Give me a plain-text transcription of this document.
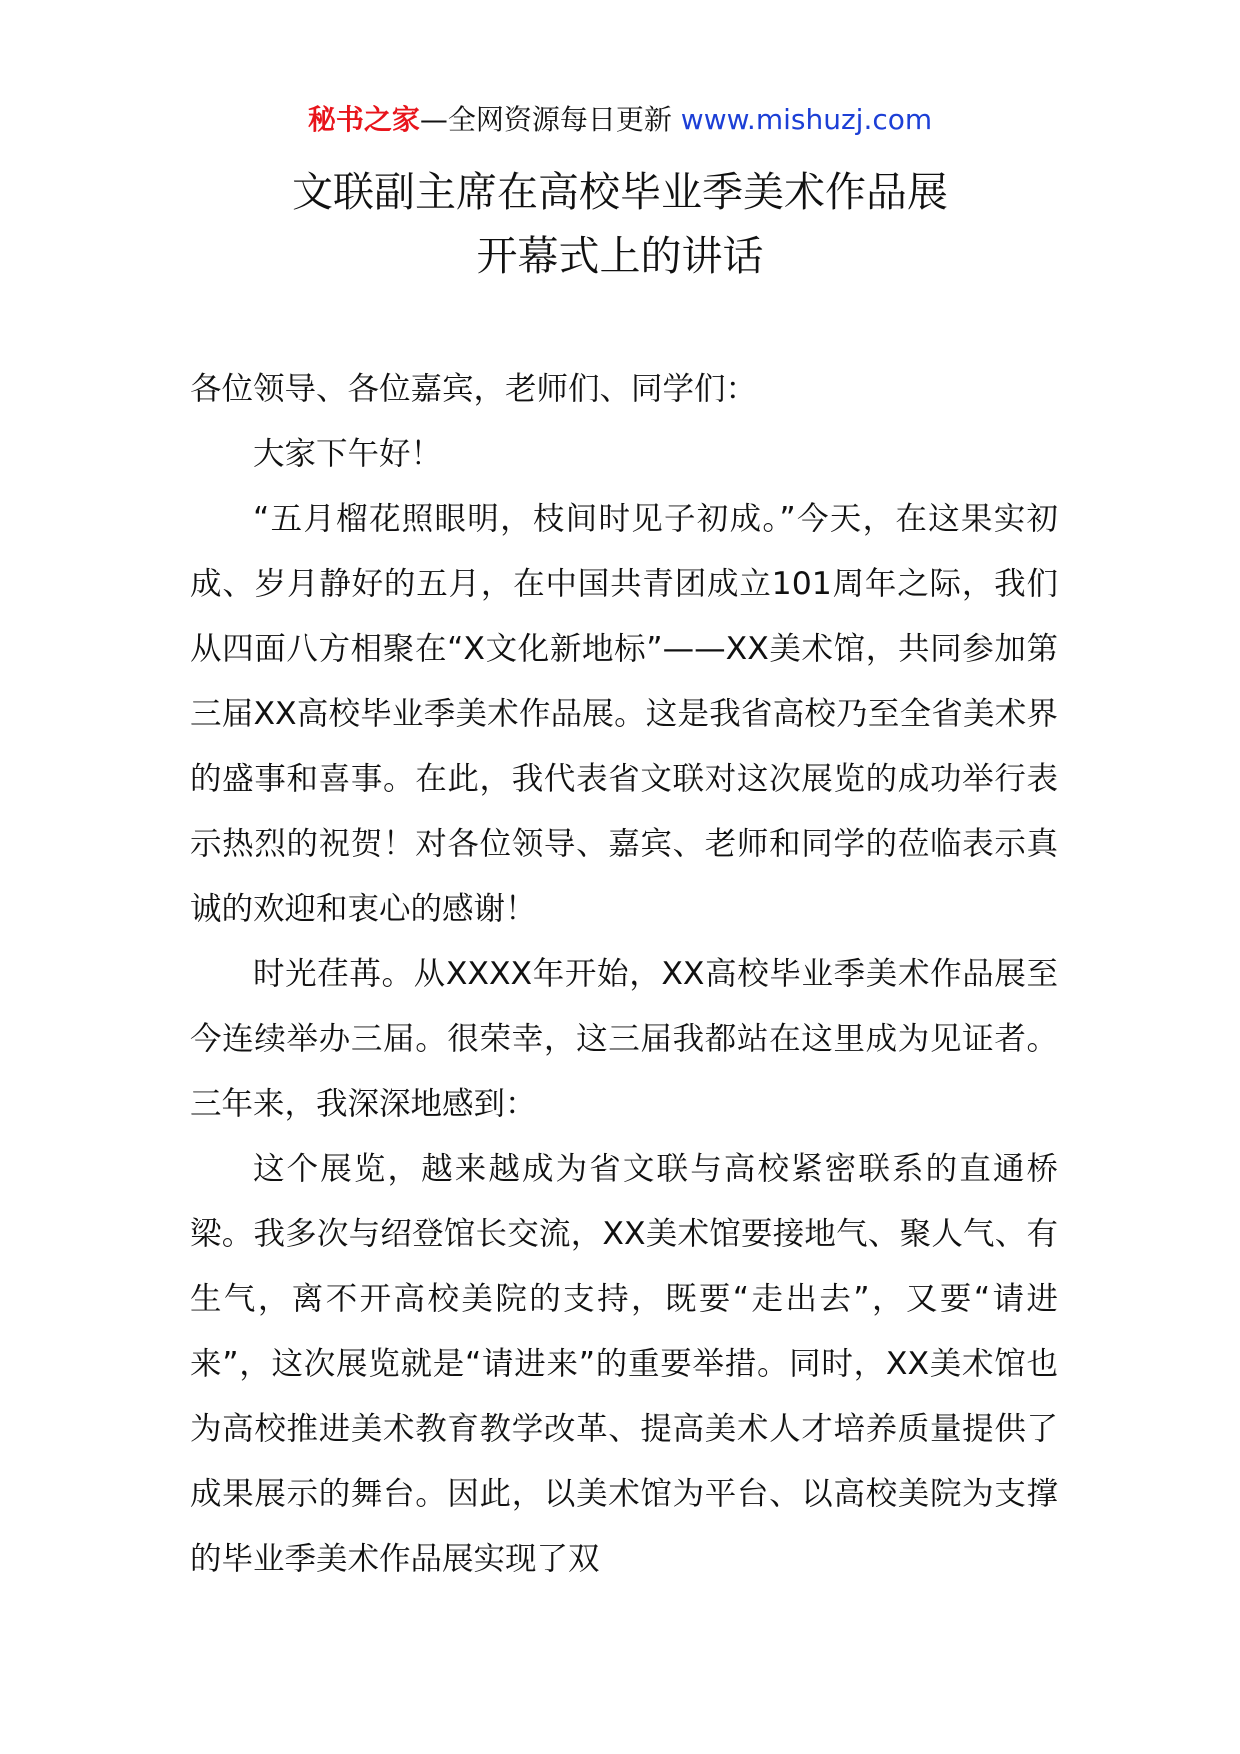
秘书之家—全网资源每日更新 www.mishuzj.com
文联副主席在高校毕业季美术作品展
开幕式上的讲话

各位领导、各位嘉宾，老师们、同学们：

大家下午好！

“五月榴花照眼明，枝间时见子初成。”今天，在这果实初成、岁月静好的五月，在中国共青团成立101周年之际，我们从四面八方相聚在“X文化新地标”——XX美术馆，共同参加第三届XX高校毕业季美术作品展。这是我省高校乃至全省美术界的盛事和喜事。在此，我代表省文联对这次展览的成功举行表示热烈的祝贺！对各位领导、嘉宾、老师和同学的莅临表示真诚的欢迎和衷心的感谢！

时光荏苒。从XXXX年开始，XX高校毕业季美术作品展至今连续举办三届。很荣幸，这三届我都站在这里成为见证者。三年来，我深深地感到：

这个展览，越来越成为省文联与高校紧密联系的直通桥梁。我多次与绍登馆长交流，XX美术馆要接地气、聚人气、有生气，离不开高校美院的支持，既要“走出去”，又要“请进来”，这次展览就是“请进来”的重要举措。同时，XX美术馆也为高校推进美术教育教学改革、提高美术人才培养质量提供了成果展示的舞台。因此，以美术馆为平台、以高校美院为支撑的毕业季美术作品展实现了双
